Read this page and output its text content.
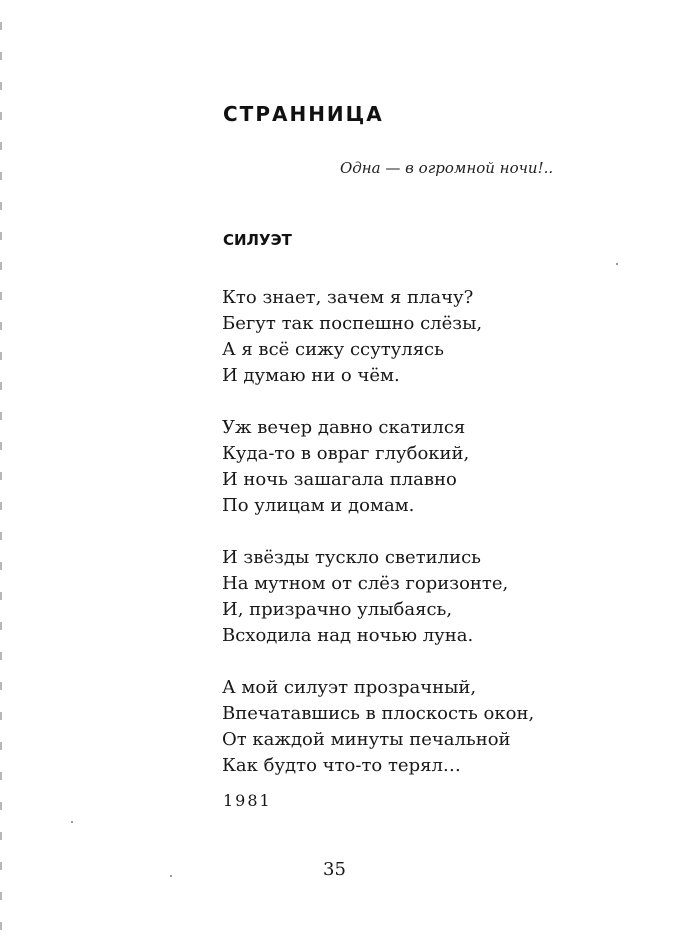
СТРАННИЦА
Одна — в огромной ночи!..
СИЛУЭТ
Кто знает, зачем я плачу?
Бегут так поспешно слёзы,
А я всё сижу ссутулясь
И думаю ни о чём.
Уж вечер давно скатился
Куда-то в овраг глубокий,
И ночь зашагала плавно
По улицам и домам.
И звёзды тускло светились
На мутном от слёз горизонте,
И, призрачно улыбаясь,
Всходила над ночью луна.
А мой силуэт прозрачный,
Впечатавшись в плоскость окон,
От каждой минуты печальной
Как будто что-то терял…
1981
35
